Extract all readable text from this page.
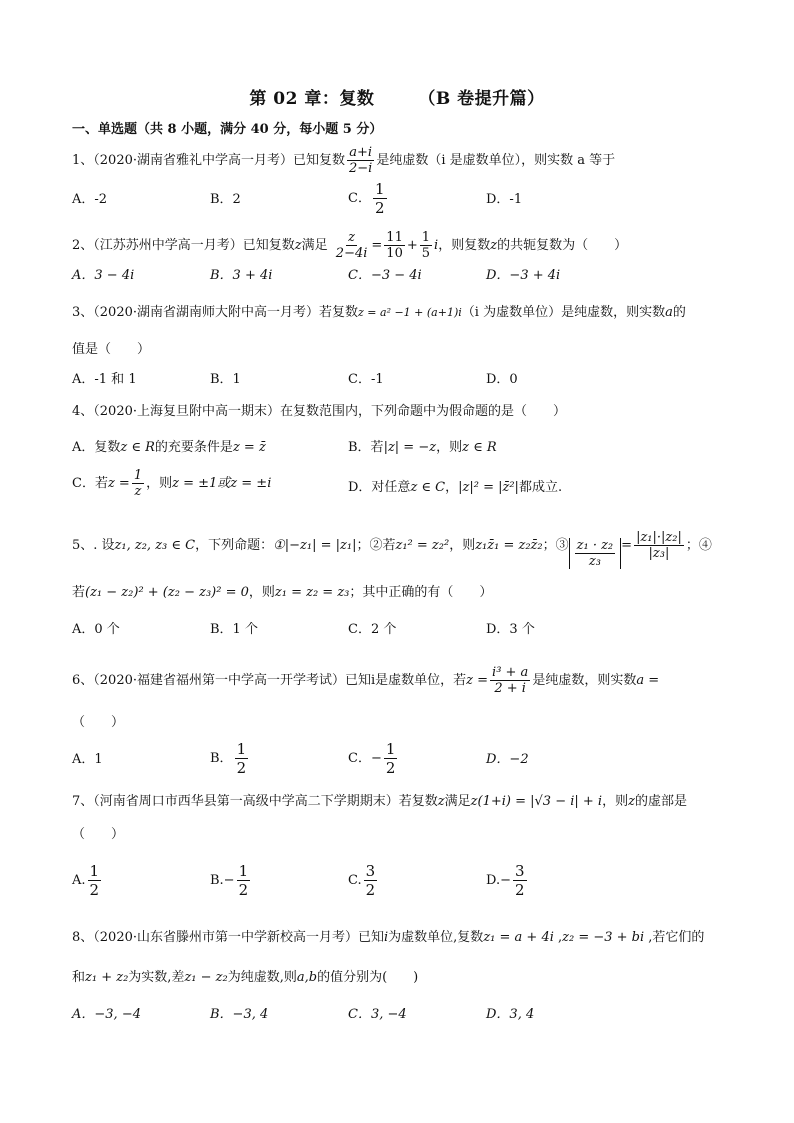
第 02 章：复数	（B 卷提升篇）
一、单选题（共 8 小题，满分 40 分，每小题 5 分）
1、（2020·湖南省雅礼中学高一月考）已知复数 $\frac{a+i}{2-i}$ 是纯虚数（i 是虚数单位），则实数 a 等于
A．-2	B．2	C． $\frac{1}{2}$	D．-1
2、（江苏苏州中学高一月考）已知复数z满足 $\frac{z}{2-4i} = \frac{11}{10} + \frac{1}{5}$ i，则复数z的共轭复数为（　　）
A．3 − 4i	B．3 + 4i	C．−3 − 4i	D．−3 + 4i
3、（2020·湖南省湖南师大附中高一月考）若复数z = a² −1 + (a+1)i（i 为虚数单位）是纯虚数，则实数a的
值是（　　）
A．-1 和 1	B．1	C．-1	D．0
4、（2020·上海复旦附中高一期末）在复数范围内，下列命题中为假命题的是（　　）
A．复数z ∈ R的充要条件是z = z̄	B．若|z| = −z，则z ∈ R
C．若$z = \frac{1}{z}$ ，则z = ±1或z = ±i	D．对任意z ∈ C，|z|² = |z̄²|都成立.
5、. 设z₁, z₂, z₃ ∈ C，下列命题：①|−z₁| = |z₁|；②若z₁² = z₂²，则z₁z̄₁ = z₂z̄₂；③ $\frac{\text{z₁ · z₂}}{\text{z₃}} = \frac{\text{|z₁|·|z₂|}}{\text{|z₃|}}$ ；④
若(z₁ − z₂)² + (z₂ − z₃)² = 0，则z₁ = z₂ = z₃；其中正确的有（　　）
A．0 个	B．1 个	C．2 个	D．3 个
6、（2020·福建省福州第一中学高一开学考试）已知i是虚数单位，若$z = \frac{\text{i³ + a}}{2 + i}$ 是纯虚数，则实数a =
（　　）
A．1	B． $\frac{1}{2}$	C．− $\frac{1}{2}$	D．−2
7、（河南省周口市西华县第一高级中学高二下学期期末）若复数z满足z(1+i) = |√3 − i| + i，则z的虚部是
（　　）
A. $\frac{1}{2}$	$B.- \frac{1}{2}$	C. $\frac{3}{2}$	$D.- \frac{3}{2}$
8、（2020·山东省滕州市第一中学新校高一月考）已知i为虚数单位,复数z₁ = a + 4i ,z₂ = −3 + bi ,若它们的
和z₁ + z₂为实数,差z₁ − z₂为纯虚数,则a,b的值分别为(　　)
A．−3, −4	B．−3, 4	C．3, −4	D．3, 4
